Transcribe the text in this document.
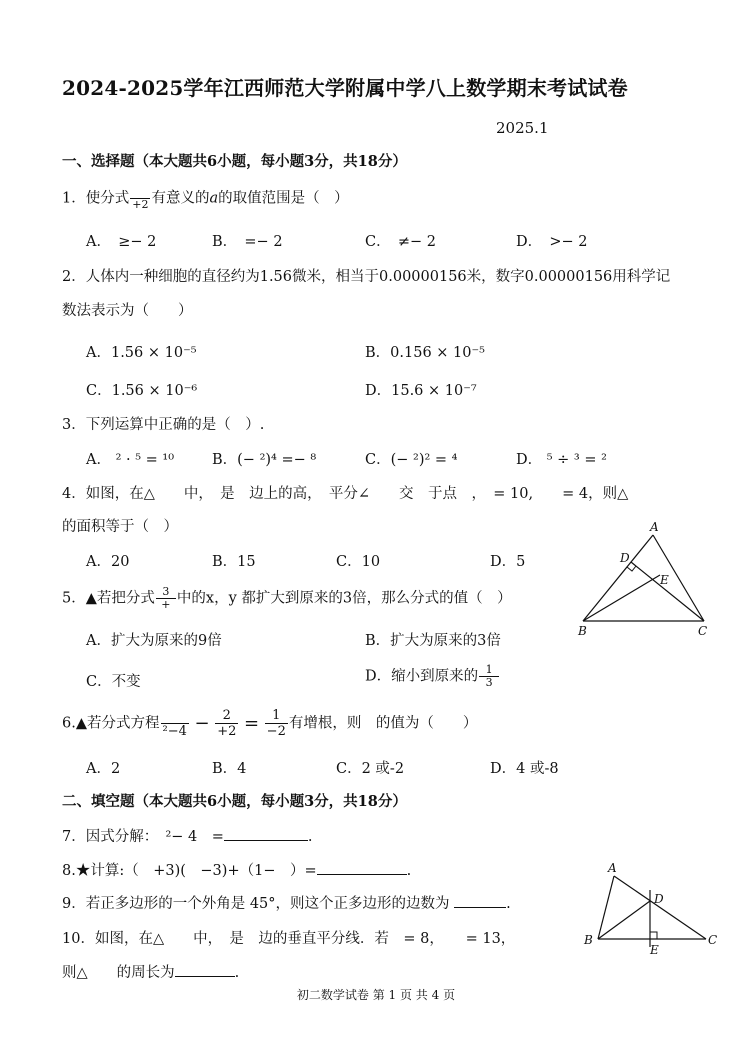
2024-2025学年江西师范大学附属中学八上数学期末考试试卷
2025.1
一、选择题（本大题共6小题，每小题3分，共18分）
1．使分式
+2 有意义的a的取值范围是（　）
A．　≥− 2	B．　=− 2	C．　≠− 2	D．　>− 2
2．人体内一种细胞的直径约为1.56微米，相当于0.00000156米，数字0.00000156用科学记
数法表示为（　　）
A．1.56 × 10⁻⁵	B．0.156 × 10⁻⁵
C．1.56 × 10⁻⁶	D．15.6 × 10⁻⁷
3．下列运算中正确的是（　）.
A． ² · ⁵ = ¹⁰	B．(− ²)⁴ =− ⁸	C．(− ²)² = ⁴	D． ⁵ ÷ ³ = ²
4．如图，在△　　中，　是　边上的高，　平分∠　　交　于点　，　= 10,　　= 4，则△
的面积等于（　）
A．20	B．15	C．10	D．5
A
D
E
B	C
5．▲若把分式 $\frac{3}{+}$ 中的x，y 都扩大到原来的3倍，那么分式的值（　）
A．扩大为原来的9倍	B．扩大为原来的3倍
C．不变	D．缩小到原来的 $\frac{1}{3}$
6.▲若分式方程
$^2-4 - \frac{2}{+2} = \frac{1}{-2}$ 有增根，则　的值为（　　）
A．2	B．4	C．2 或-2	D．4 或-8
二、填空题（本大题共6小题，每小题3分，共18分）
7．因式分解：　²− 4　=	.
8.★计算:（　+3)(　−3)+（1−　）=	.
9．若正多边形的一个外角是 45°，则这个正多边形的边数为	.
10．如图，在△　　中，　是　边的垂直平分线．若　= 8，　　= 13，
则△　　的周长为	.
A
D
B
E
C
初二数学试卷 第 1 页 共 4 页
